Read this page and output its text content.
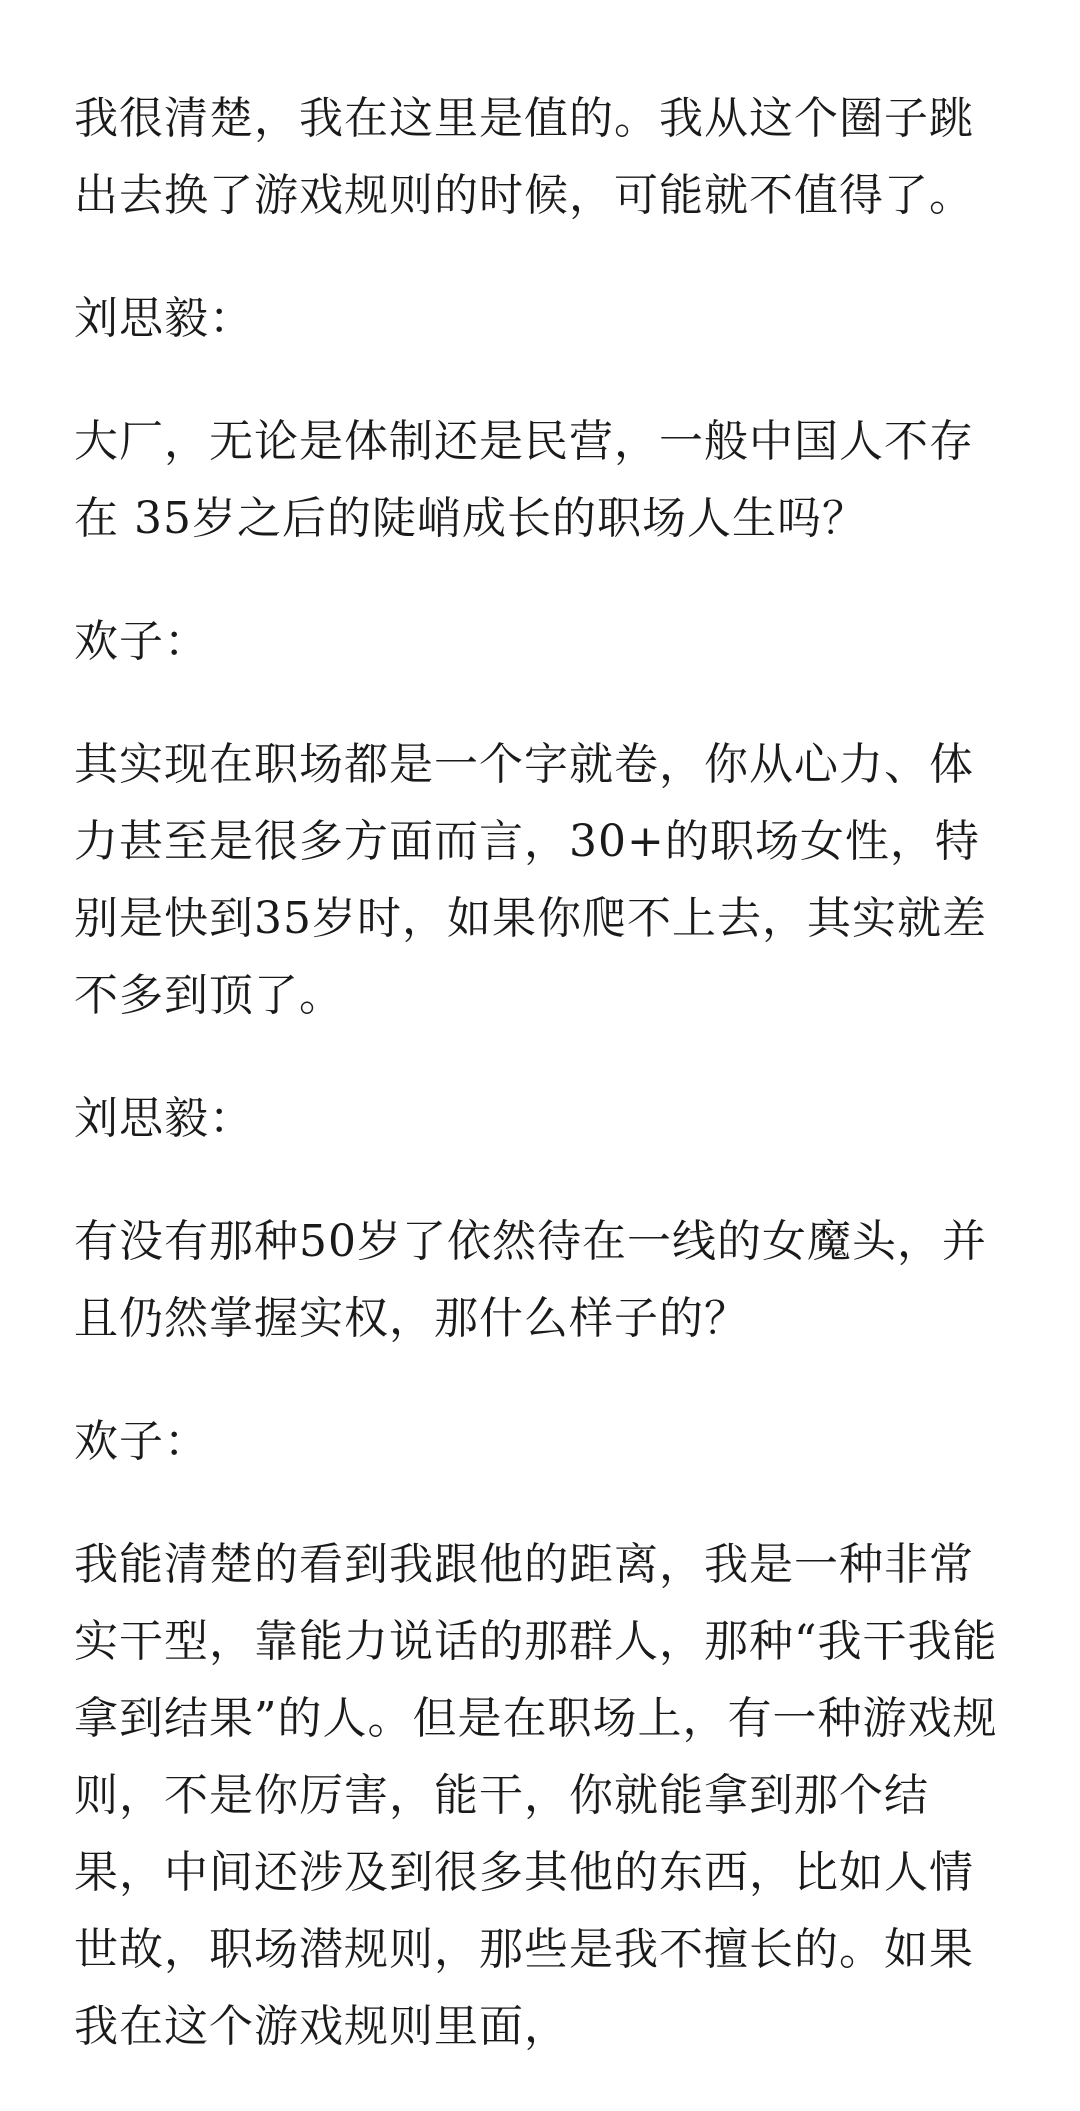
我很清楚，我在这里是值的。我从这个圈子跳出去换了游戏规则的时候，可能就不值得了。

刘思毅：

大厂，无论是体制还是民营，一般中国人不存在 35岁之后的陡峭成长的职场人生吗？

欢子：

其实现在职场都是一个字就卷，你从心力、体力甚至是很多方面而言，30+的职场女性，特别是快到35岁时，如果你爬不上去，其实就差不多到顶了。

刘思毅：

有没有那种50岁了依然待在一线的女魔头，并且仍然掌握实权，那什么样子的？

欢子：

我能清楚的看到我跟他的距离，我是一种非常实干型，靠能力说话的那群人，那种“我干我能拿到结果”的人。但是在职场上，有一种游戏规则，不是你厉害，能干，你就能拿到那个结果，中间还涉及到很多其他的东西，比如人情世故，职场潜规则，那些是我不擅长的。如果我在这个游戏规则里面，
